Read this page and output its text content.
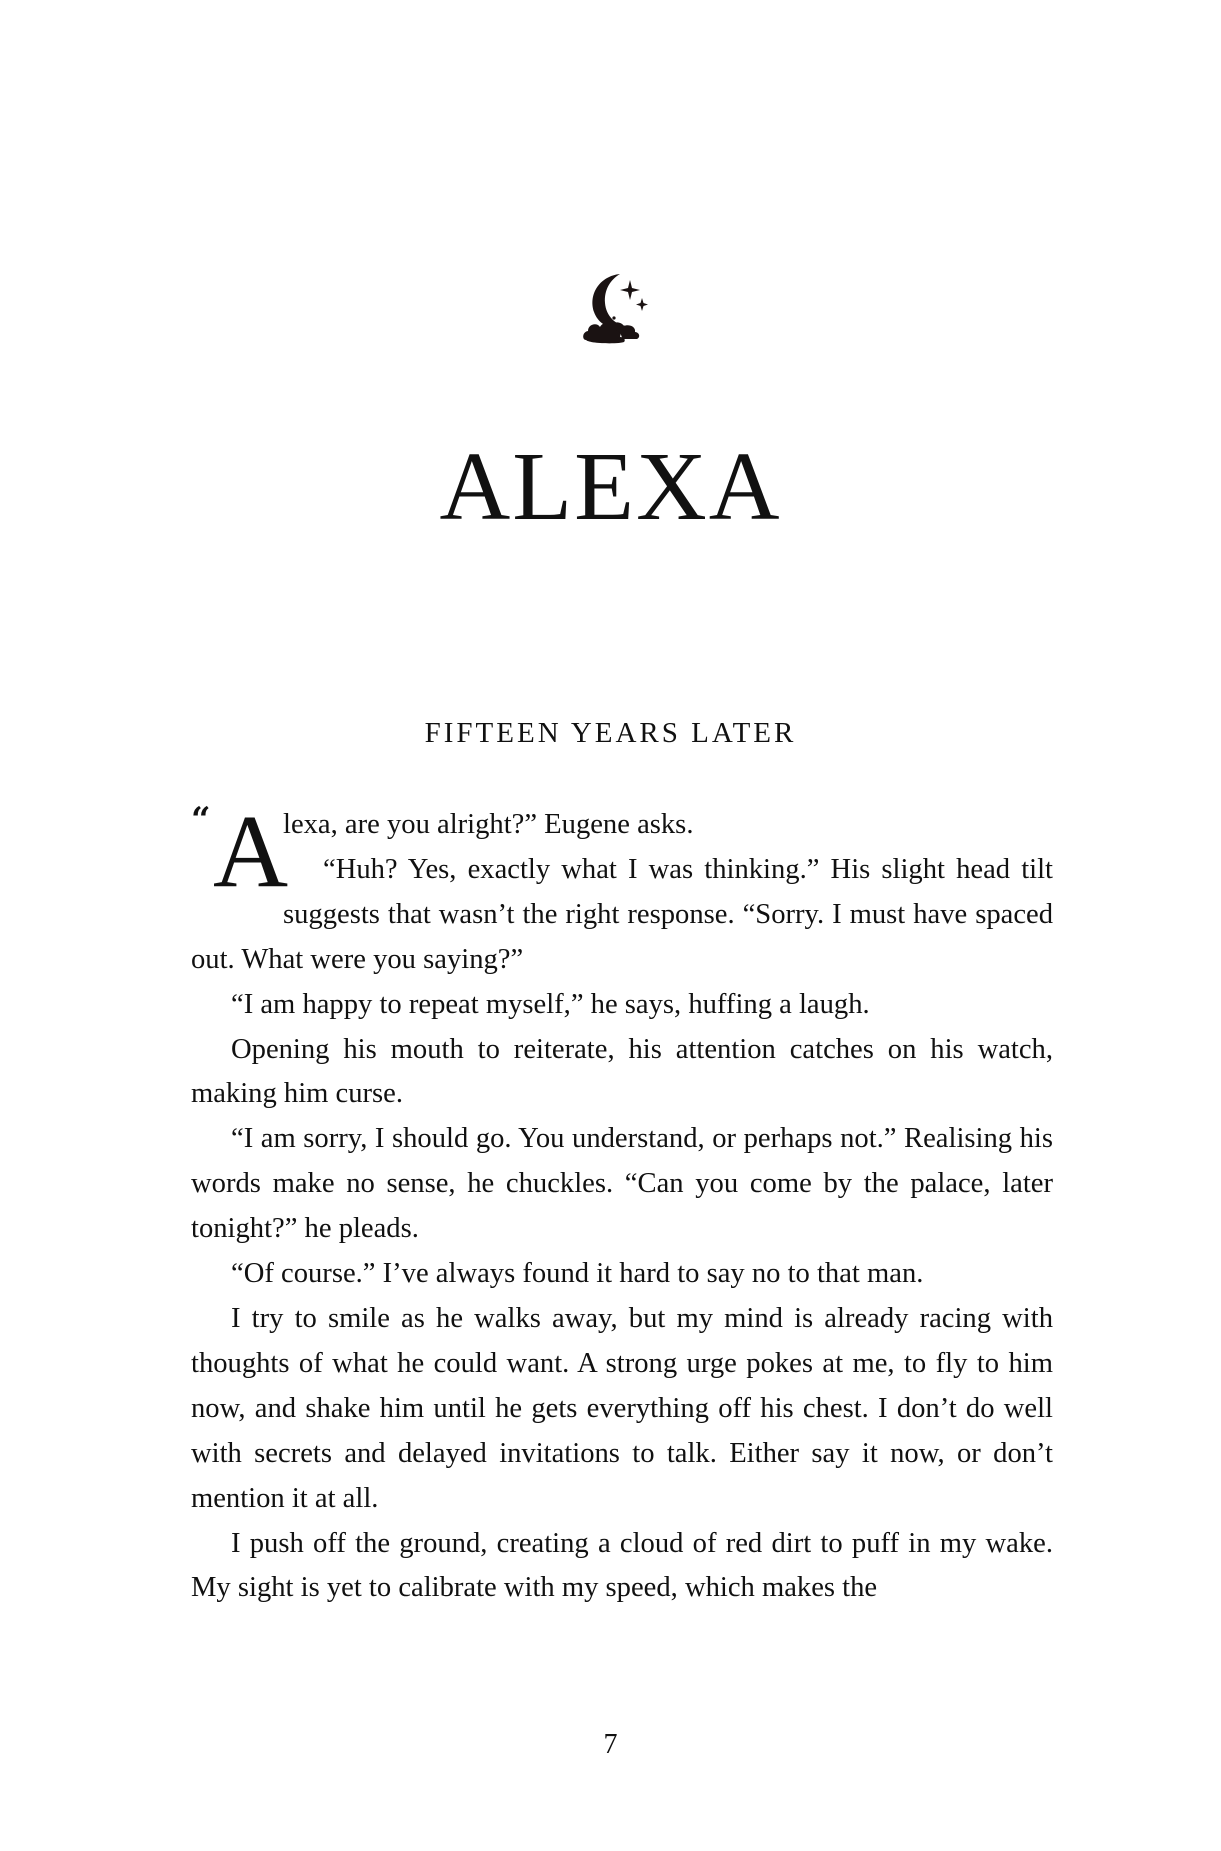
ALEXA
FIFTEEN YEARS LATER

“ A
lexa, are you alright?” Eugene asks.

“Huh? Yes, exactly what I was thinking.” His slight head tilt suggests that wasn’t the right response. “Sorry. I must have spaced out. What were you saying?”

“I am happy to repeat myself,” he says, huffing a laugh.

Opening his mouth to reiterate, his attention catches on his watch, making him curse.

“I am sorry, I should go. You understand, or perhaps not.” Realising his words make no sense, he chuckles. “Can you come by the palace, later tonight?” he pleads.

“Of course.” I’ve always found it hard to say no to that man.

I try to smile as he walks away, but my mind is already racing with thoughts of what he could want. A strong urge pokes at me, to fly to him now, and shake him until he gets everything off his chest. I don’t do well with secrets and delayed invitations to talk. Either say it now, or don’t mention it at all.

I push off the ground, creating a cloud of red dirt to puff in my wake. My sight is yet to calibrate with my speed, which makes the

7
